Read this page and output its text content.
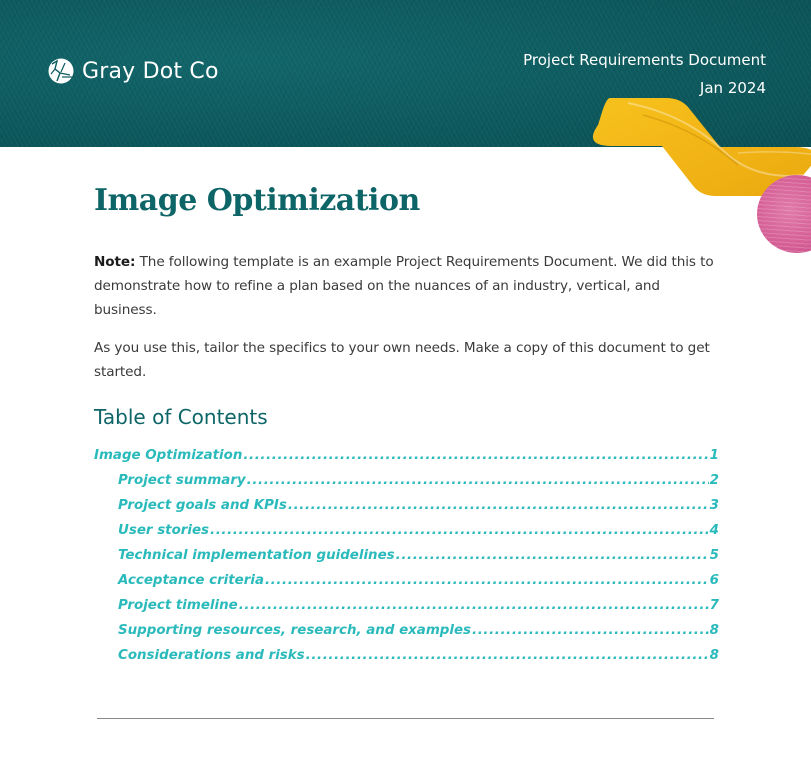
Gray Dot Co	Project Requirements Document
Jan 2024
Image Optimization

Note: The following template is an example Project Requirements Document. We did this to demonstrate how to refine a plan based on the nuances of an industry, vertical, and business.

As you use this, tailor the specifics to your own needs. Make a copy of this document to get started.

Table of Contents
Image Optimization .....	1
Project summary .....	2
Project goals and KPIs .....	3
User stories .....	4
Technical implementation guidelines .....	5
Acceptance criteria .....	6
Project timeline .....	7
Supporting resources, research, and examples .....	8
Considerations and risks .....	8
